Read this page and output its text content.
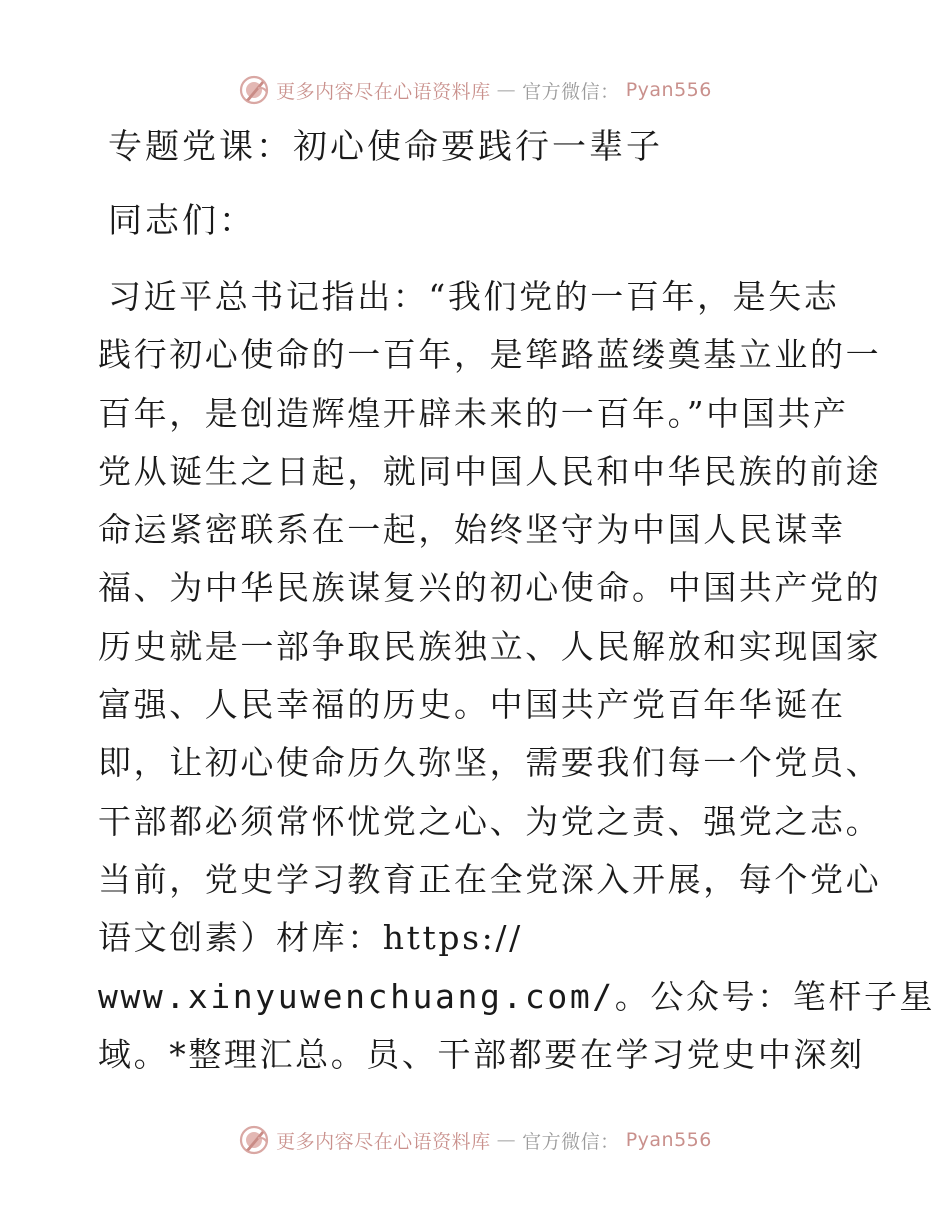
更多内容尽在心语资料库 — 官方微信： Pyan556
专题党课：初心使命要践行一辈子
同志们：
习近平总书记指出：“我们党的一百年，是矢志
践行初心使命的一百年，是筚路蓝缕奠基立业的一
百年，是创造辉煌开辟未来的一百年。”中国共产
党从诞生之日起，就同中国人民和中华民族的前途
命运紧密联系在一起，始终坚守为中国人民谋幸
福、为中华民族谋复兴的初心使命。中国共产党的
历史就是一部争取民族独立、人民解放和实现国家
富强、人民幸福的历史。中国共产党百年华诞在
即，让初心使命历久弥坚，需要我们每一个党员、
干部都必须常怀忧党之心、为党之责、强党之志。
当前，党史学习教育正在全党深入开展，每个党心
语文创素）材库：https://
www.xinyuwenchuang.com/。公众号：笔杆子星
域。*整理汇总。员、干部都要在学习党史中深刻
更多内容尽在心语资料库 — 官方微信： Pyan556
